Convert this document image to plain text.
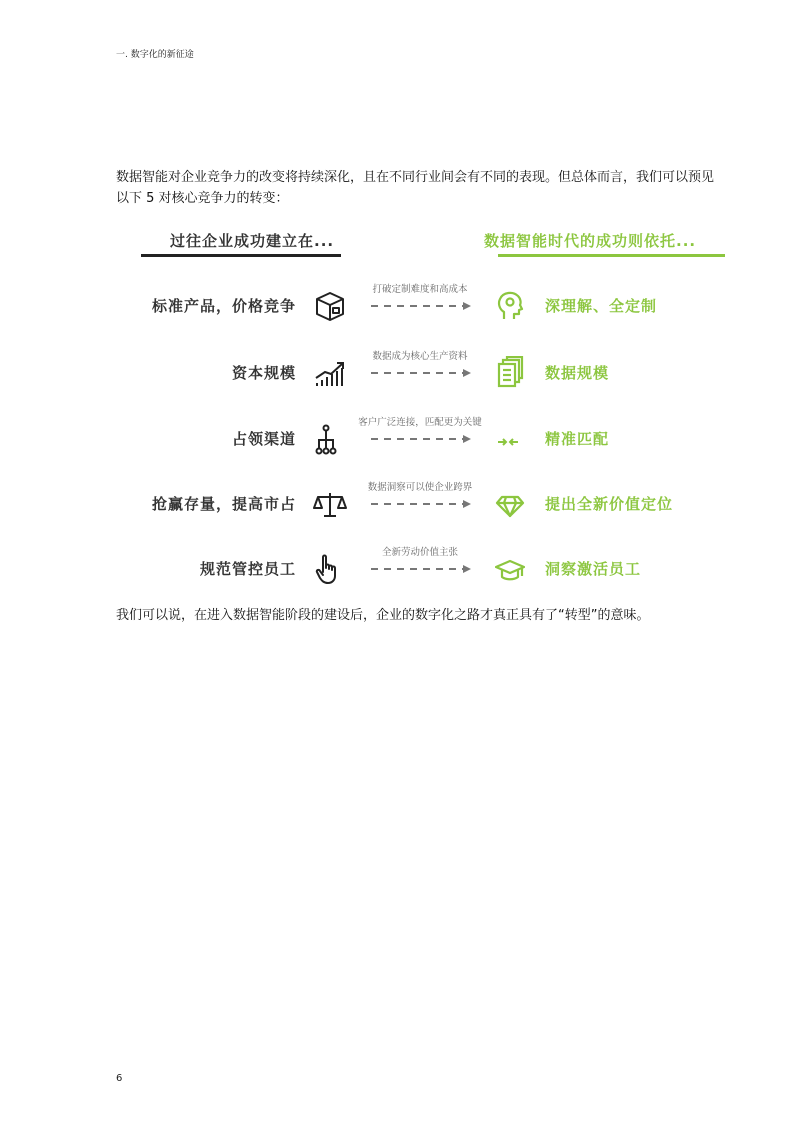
一. 数字化的新征途
数据智能对企业竞争力的改变将持续深化，且在不同行业间会有不同的表现。但总体而言，我们可以预见以下 5 对核心竞争力的转变：
过往企业成功建立在...	数据智能时代的成功则依托...
标准产品，价格竞争
打破定制难度和高成本
深理解、全定制
资本规模
数据成为核心生产资料
数据规模
占领渠道
客户广泛连接，匹配更为关键
精准匹配
抢赢存量，提高市占
数据洞察可以使企业跨界
提出全新价值定位
规范管控员工
全新劳动价值主张
洞察激活员工
我们可以说，在进入数据智能阶段的建设后，企业的数字化之路才真正具有了“转型”的意味。
6
